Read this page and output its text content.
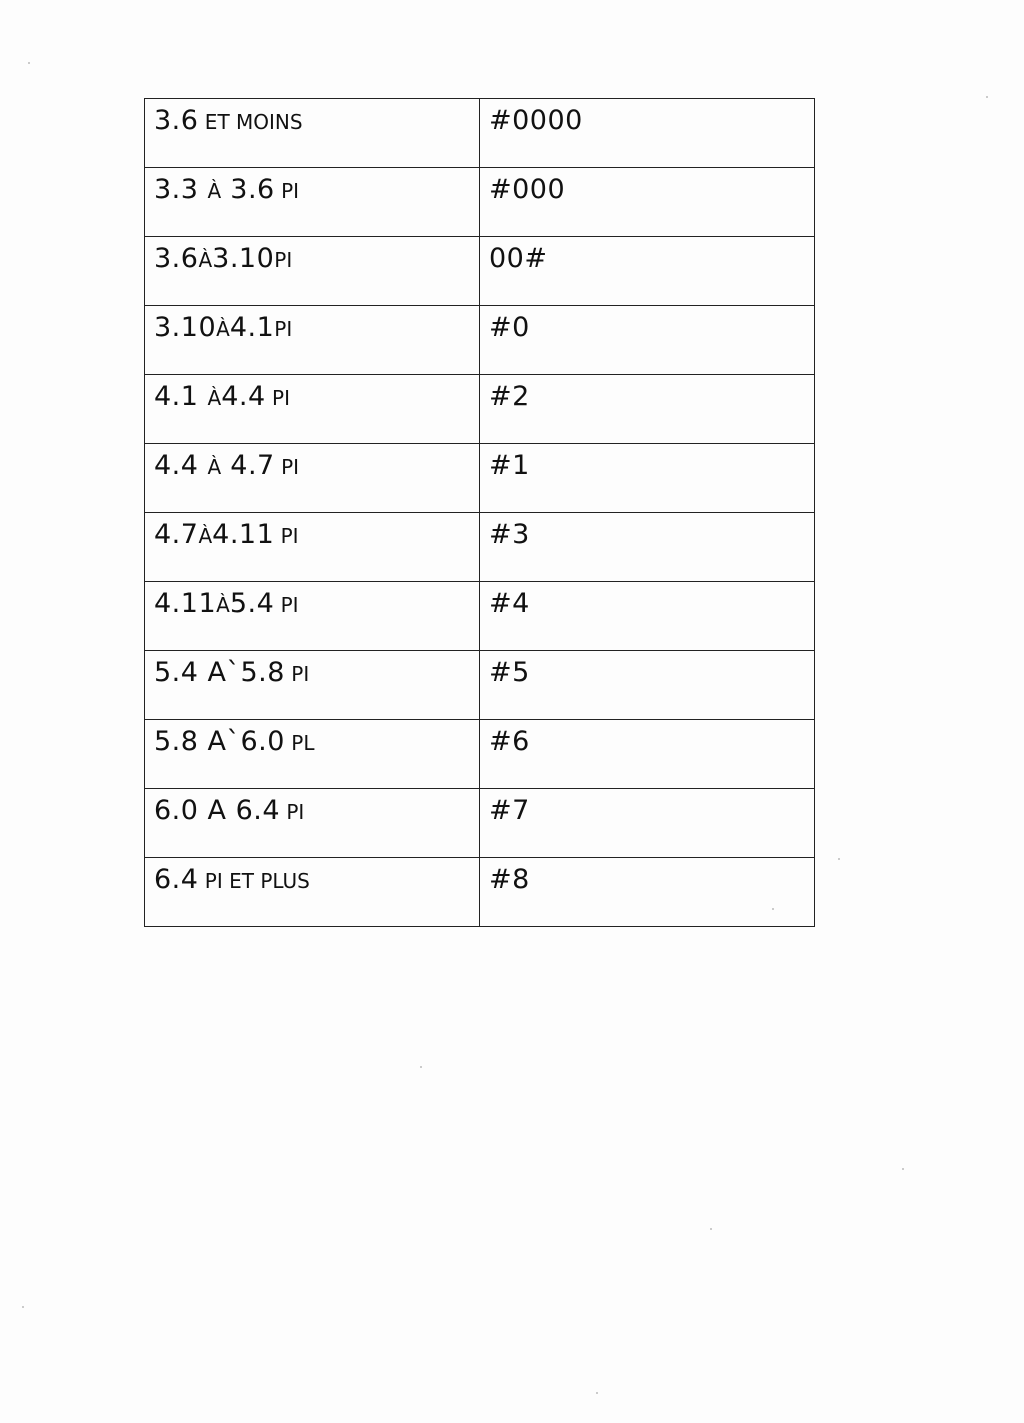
3.6 ET MOINS	#0000
3.3 À 3.6 PI	#000
3.6À3.10PI	00#
3.10À4.1PI	#0
4.1 À4.4 PI	#2
4.4 À 4.7 PI	#1
4.7À4.11 PI	#3
4.11À5.4 PI	#4
5.4 A`5.8 PI	#5
5.8 A`6.0 PL	#6
6.0 A 6.4 PI	#7
6.4 PI ET PLUS	#8
